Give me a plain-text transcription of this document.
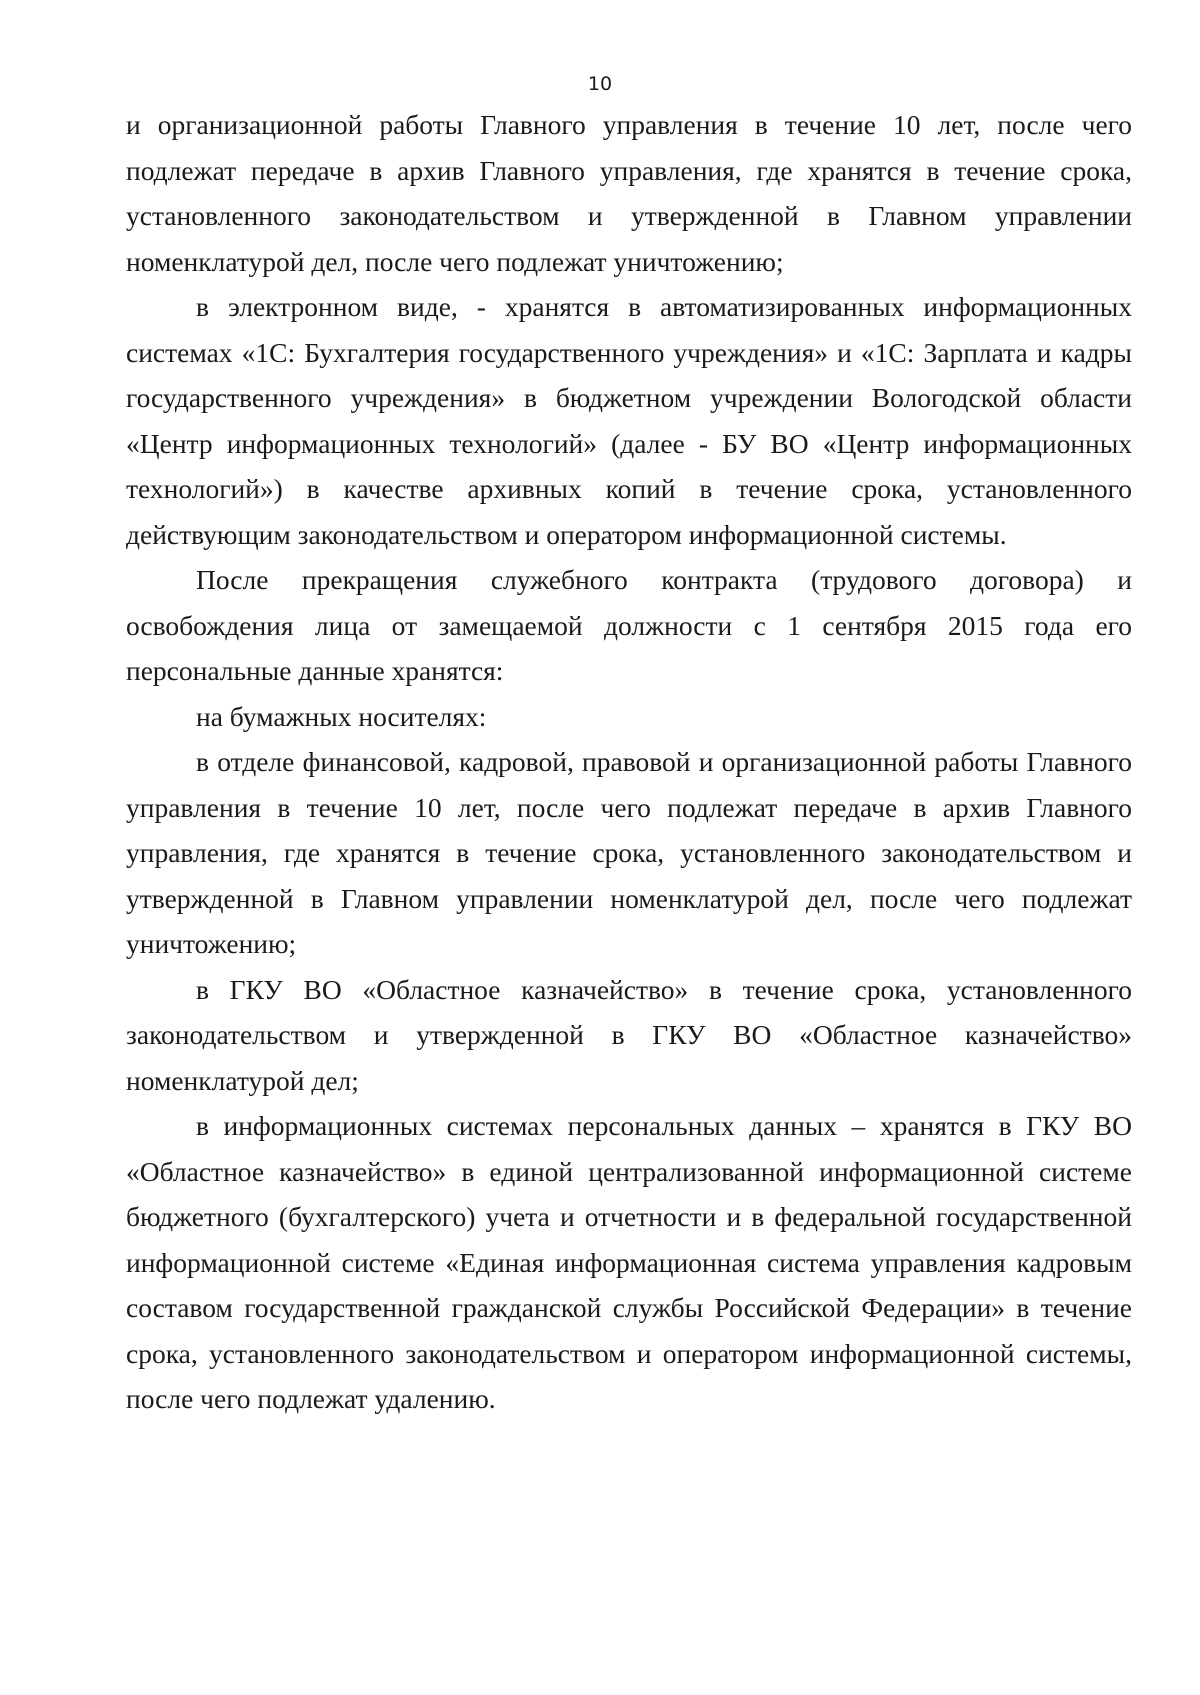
10

и организационной работы Главного управления в течение 10 лет, после чего подлежат передаче в архив Главного управления, где хранятся в течение срока, установленного законодательством и утвержденной в Главном управлении номенклатурой дел, после чего подлежат уничтожению;

в электронном виде, - хранятся в автоматизированных информационных системах «1С: Бухгалтерия государственного учреждения» и «1С: Зарплата и кадры государственного учреждения» в бюджетном учреждении Вологодской области «Центр информационных технологий» (далее - БУ ВО «Центр информационных технологий») в качестве архивных копий в течение срока, установленного действующим законодательством и оператором информационной системы.

После прекращения служебного контракта (трудового договора) и освобождения лица от замещаемой должности с 1 сентября 2015 года его персональные данные хранятся:

на бумажных носителях:

в отделе финансовой, кадровой, правовой и организационной работы Главного управления в течение 10 лет, после чего подлежат передаче в архив Главного управления, где хранятся в течение срока, установленного законодательством и утвержденной в Главном управлении номенклатурой дел, после чего подлежат уничтожению;

в ГКУ ВО «Областное казначейство» в течение срока, установленного законодательством и утвержденной в ГКУ ВО «Областное казначейство» номенклатурой дел;

в информационных системах персональных данных – хранятся в ГКУ ВО «Областное казначейство» в единой централизованной информационной системе бюджетного (бухгалтерского) учета и отчетности и в федеральной государственной информационной системе «Единая информационная система управления кадровым составом государственной гражданской службы Российской Федерации» в течение срока, установленного законодательством и оператором информационной системы, после чего подлежат удалению.
